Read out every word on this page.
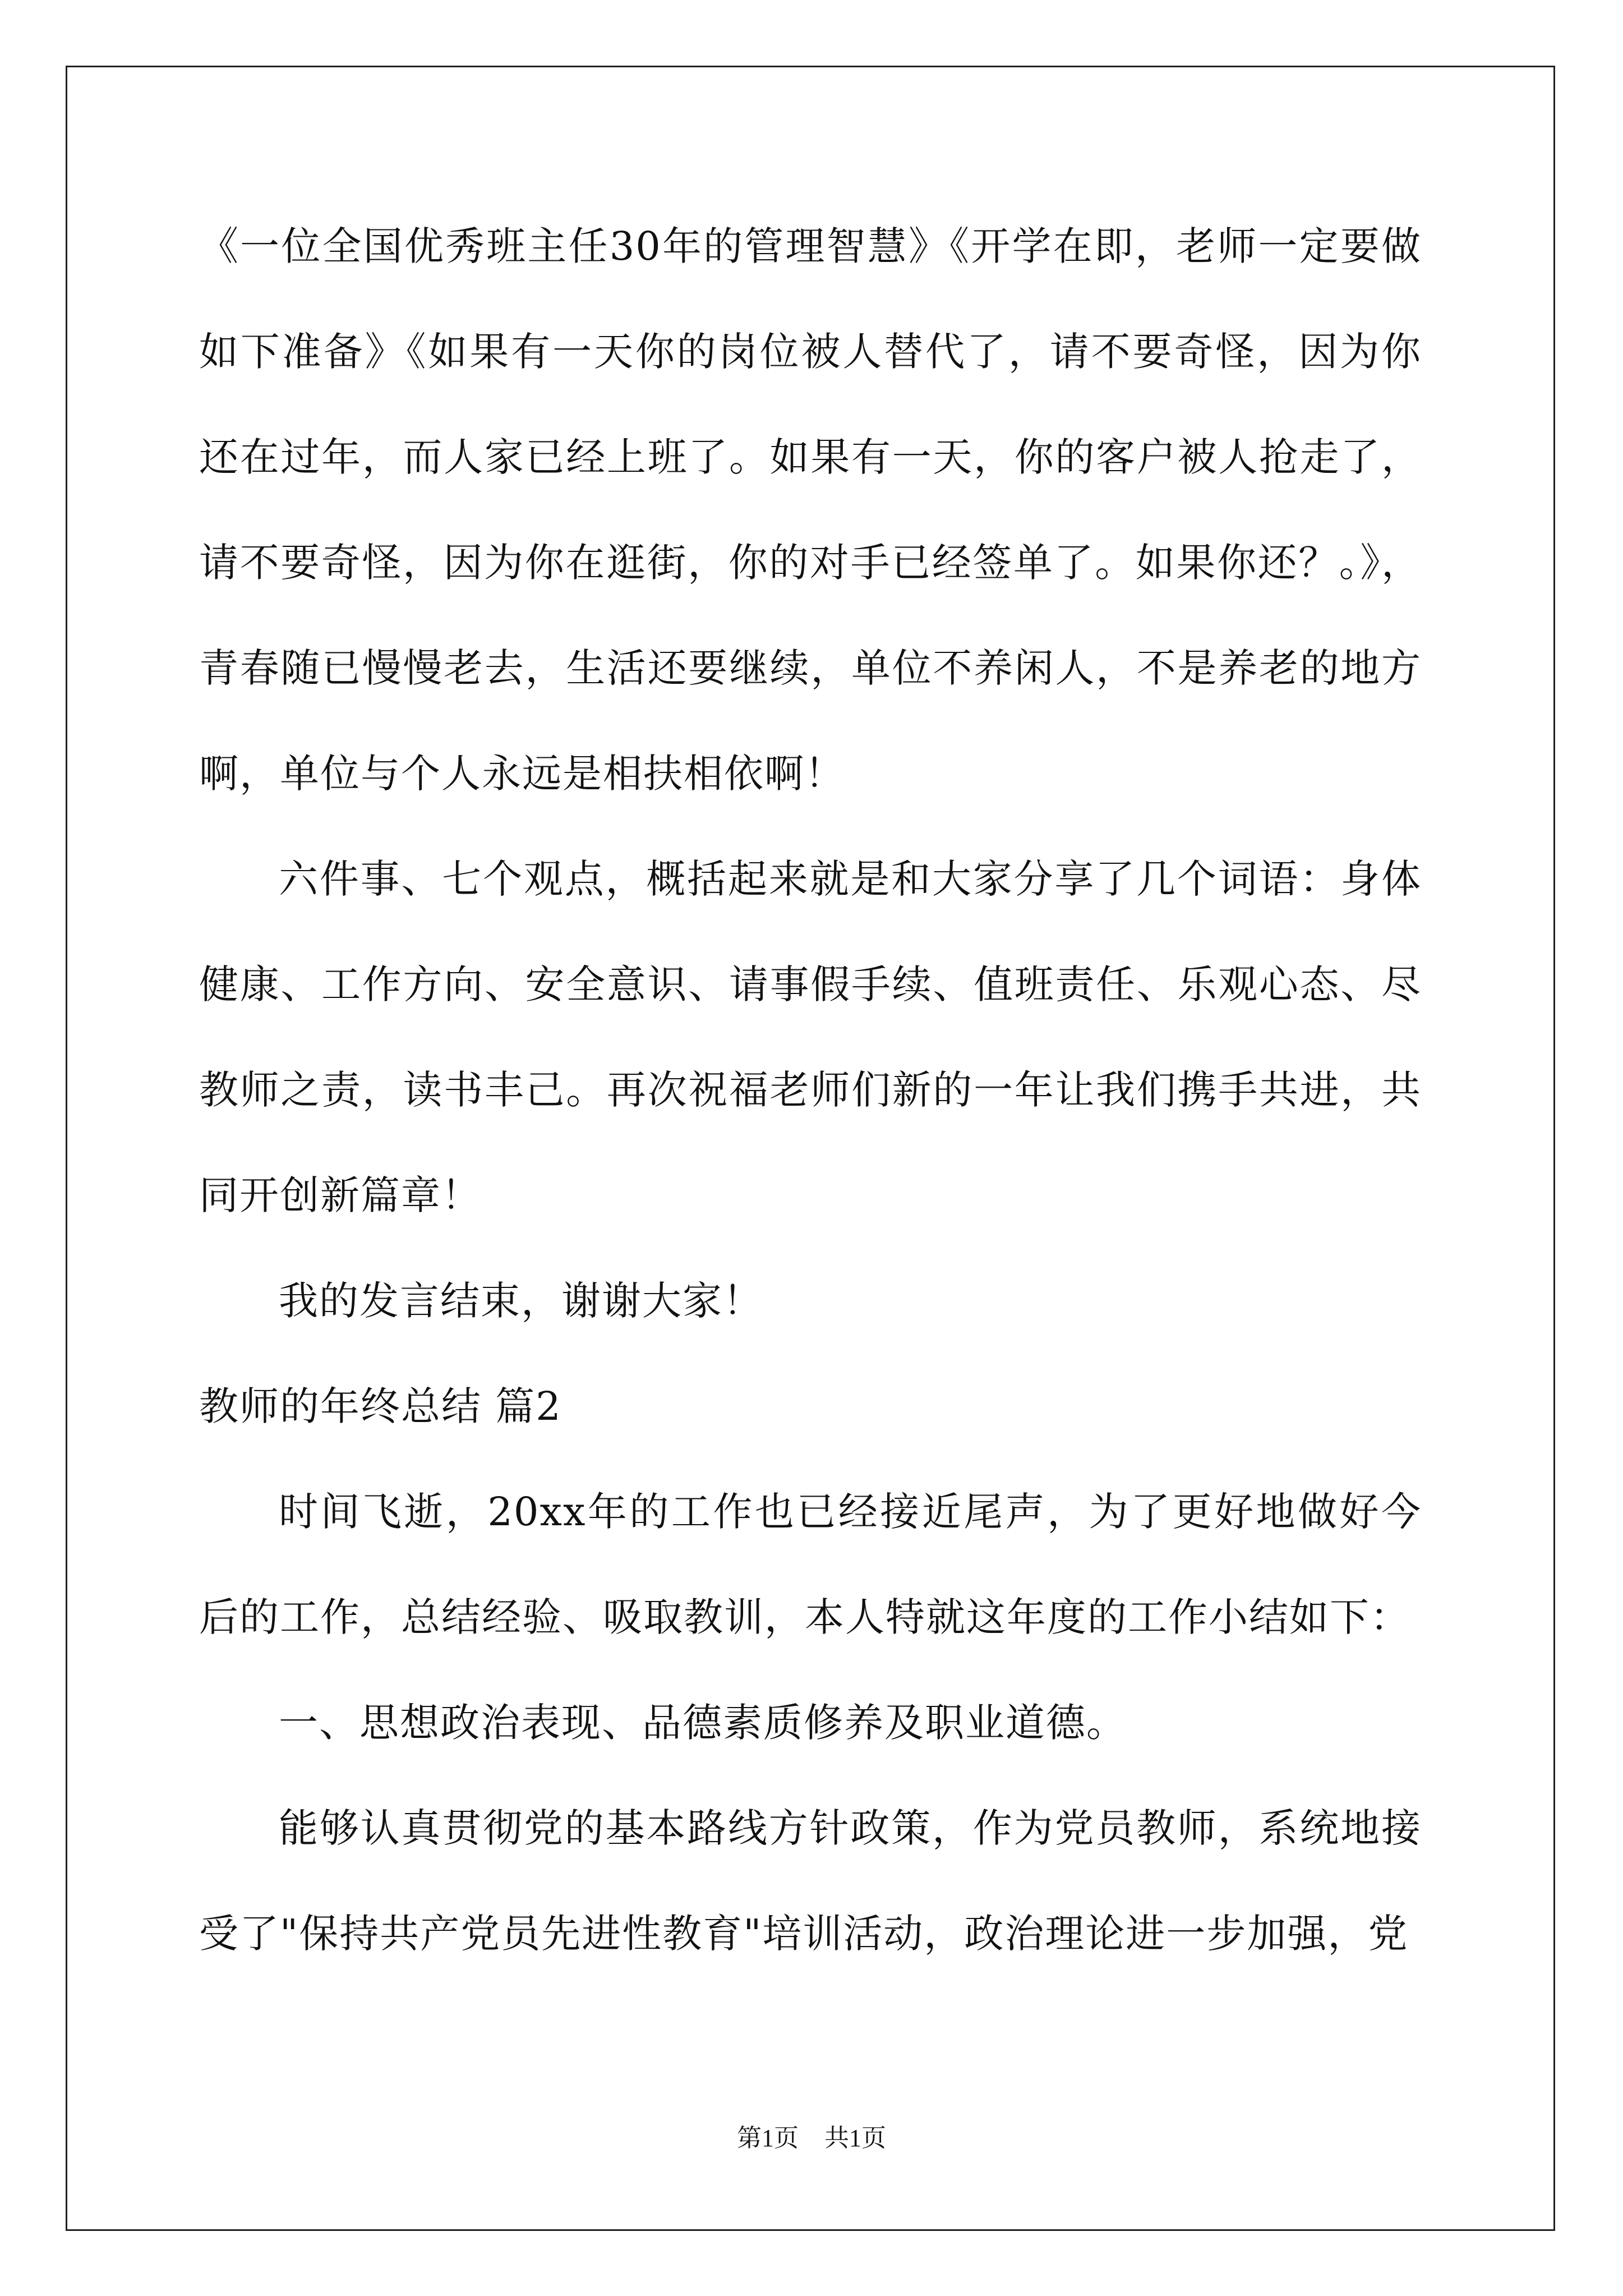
《一位全国优秀班主任30年的管理智慧》《开学在即，老师一定要做如下准备》《如果有一天你的岗位被人替代了，请不要奇怪，因为你还在过年，而人家已经上班了。如果有一天，你的客户被人抢走了，请不要奇怪，因为你在逛街，你的对手已经签单了。如果你还？。》，青春随已慢慢老去，生活还要继续，单位不养闲人，不是养老的地方啊，单位与个人永远是相扶相依啊！

六件事、七个观点，概括起来就是和大家分享了几个词语：身体健康、工作方向、安全意识、请事假手续、值班责任、乐观心态、尽教师之责，读书丰己。再次祝福老师们新的一年让我们携手共进，共同开创新篇章！

我的发言结束，谢谢大家！

教师的年终总结 篇2

时间飞逝，20xx年的工作也已经接近尾声，为了更好地做好今后的工作，总结经验、吸取教训，本人特就这年度的工作小结如下：

一、思想政治表现、品德素质修养及职业道德。

能够认真贯彻党的基本路线方针政策，作为党员教师，系统地接受了"保持共产党员先进性教育"培训活动，政治理论进一步加强，党

第1页 共1页
